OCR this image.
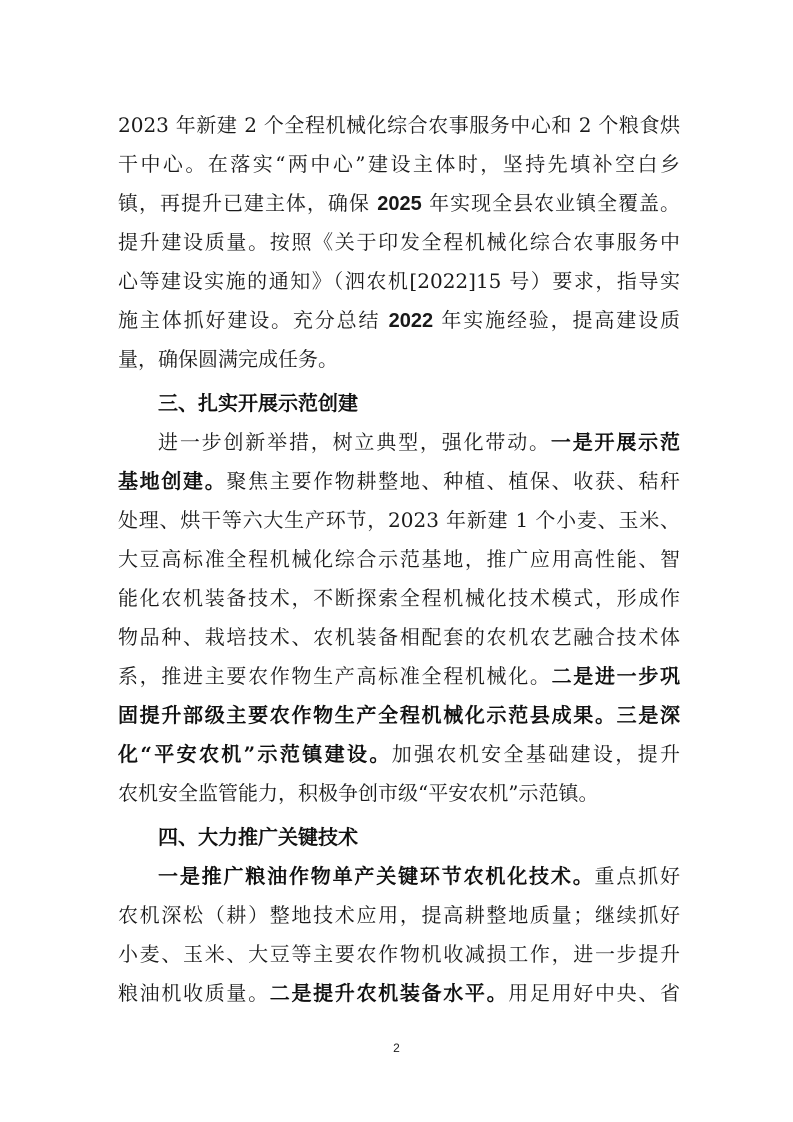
2023 年新建 2 个全程机械化综合农事服务中心和 2 个粮食烘
干中心。在落实“两中心”建设主体时，坚持先填补空白乡
镇，再提升已建主体，确保 2025 年实现全县农业镇全覆盖。
提升建设质量。按照《关于印发全程机械化综合农事服务中
心等建设实施的通知》（泗农机[2022]15 号）要求，指导实
施主体抓好建设。充分总结 2022 年实施经验，提高建设质
量，确保圆满完成任务。
三、扎实开展示范创建
进一步创新举措，树立典型，强化带动。一是开展示范
基地创建。聚焦主要作物耕整地、种植、植保、收获、秸秆
处理、烘干等六大生产环节，2023 年新建 1 个小麦、玉米、
大豆高标准全程机械化综合示范基地，推广应用高性能、智
能化农机装备技术，不断探索全程机械化技术模式，形成作
物品种、栽培技术、农机装备相配套的农机农艺融合技术体
系，推进主要农作物生产高标准全程机械化。二是进一步巩
固提升部级主要农作物生产全程机械化示范县成果。三是深
化“平安农机”示范镇建设。加强农机安全基础建设，提升
农机安全监管能力，积极争创市级“平安农机”示范镇。
四、大力推广关键技术
一是推广粮油作物单产关键环节农机化技术。重点抓好
农机深松（耕）整地技术应用，提高耕整地质量；继续抓好
小麦、玉米、大豆等主要农作物机收减损工作，进一步提升
粮油机收质量。二是提升农机装备水平。用足用好中央、省
2
